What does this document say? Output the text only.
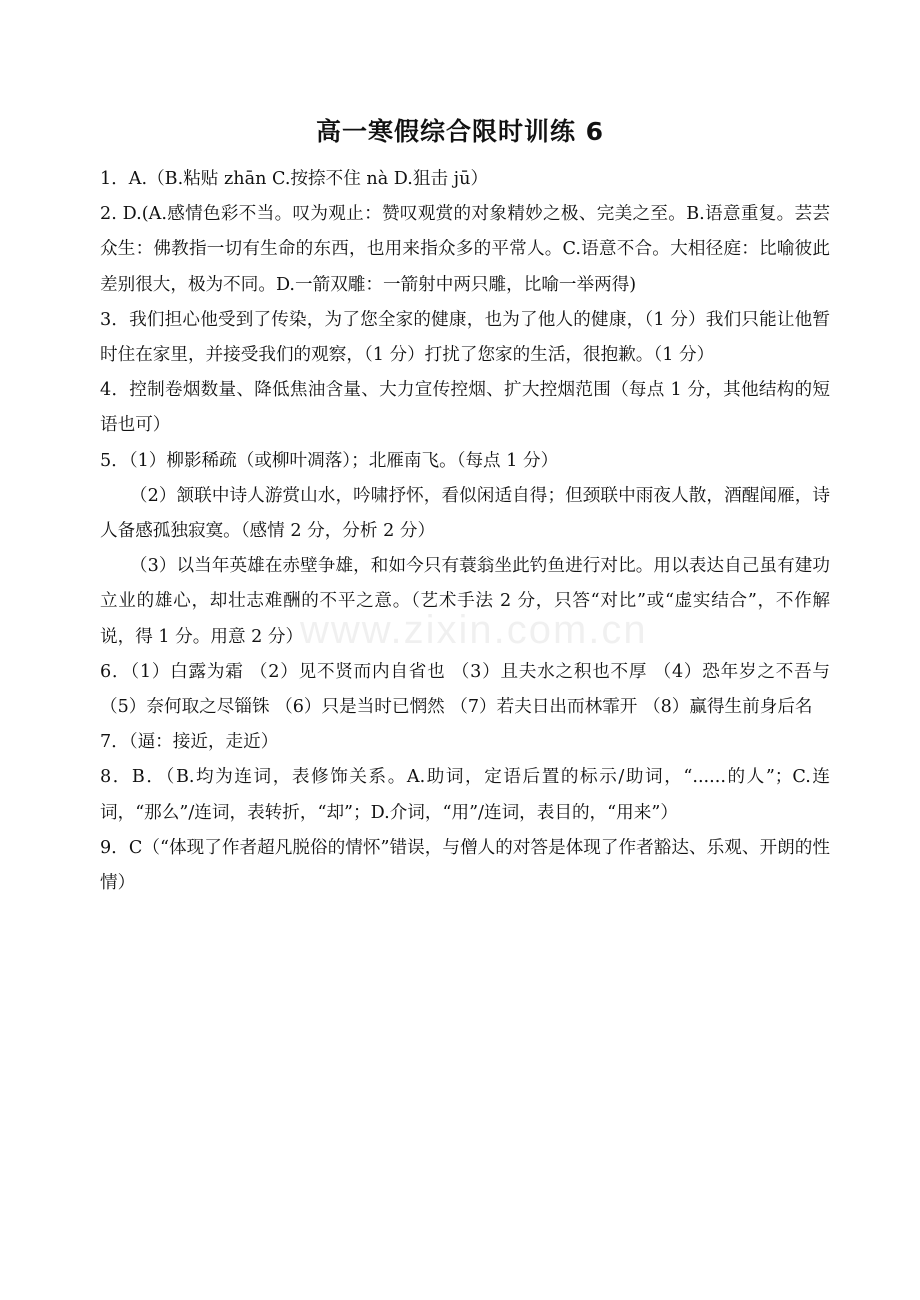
高一寒假综合限时训练 6

1．A.（B.粘贴 zhān C.按捺不住 nà D.狙击 jū）

2. D.(A.感情色彩不当。叹为观止：赞叹观赏的对象精妙之极、完美之至。B.语意重复。芸芸众生：佛教指一切有生命的东西，也用来指众多的平常人。C.语意不合。大相径庭：比喻彼此差别很大，极为不同。D.一箭双雕：一箭射中两只雕，比喻一举两得)

3．我们担心他受到了传染，为了您全家的健康，也为了他人的健康，（1 分）我们只能让他暂时住在家里，并接受我们的观察，（1 分）打扰了您家的生活，很抱歉。（1 分）

4．控制卷烟数量、降低焦油含量、大力宣传控烟、扩大控烟范围（每点 1 分，其他结构的短语也可）

5．（1）柳影稀疏（或柳叶凋落）；北雁南飞。（每点 1 分）

（2）颔联中诗人游赏山水，吟啸抒怀，看似闲适自得；但颈联中雨夜人散，酒醒闻雁，诗人备感孤独寂寞。（感情 2 分，分析 2 分）

（3）以当年英雄在赤壁争雄，和如今只有蓑翁坐此钓鱼进行对比。用以表达自己虽有建功立业的雄心，却壮志难酬的不平之意。（艺术手法 2 分，只答“对比”或“虚实结合”，不作解说，得 1 分。用意 2 分）

6．（1）白露为霜 （2）见不贤而内自省也 （3）且夫水之积也不厚 （4）恐年岁之不吾与 （5）奈何取之尽锱铢 （6）只是当时已惘然 （7）若夫日出而林霏开 （8）赢得生前身后名

7．（逼：接近，走近）

8．B．（B.均为连词，表修饰关系。A.助词，定语后置的标示/助词，“......的人”；C.连词，“那么”/连词，表转折，“却”；D.介词，“用”/连词，表目的，“用来”）

9．C（“体现了作者超凡脱俗的情怀”错误，与僧人的对答是体现了作者豁达、乐观、开朗的性情）

www.zixin.com.cn
